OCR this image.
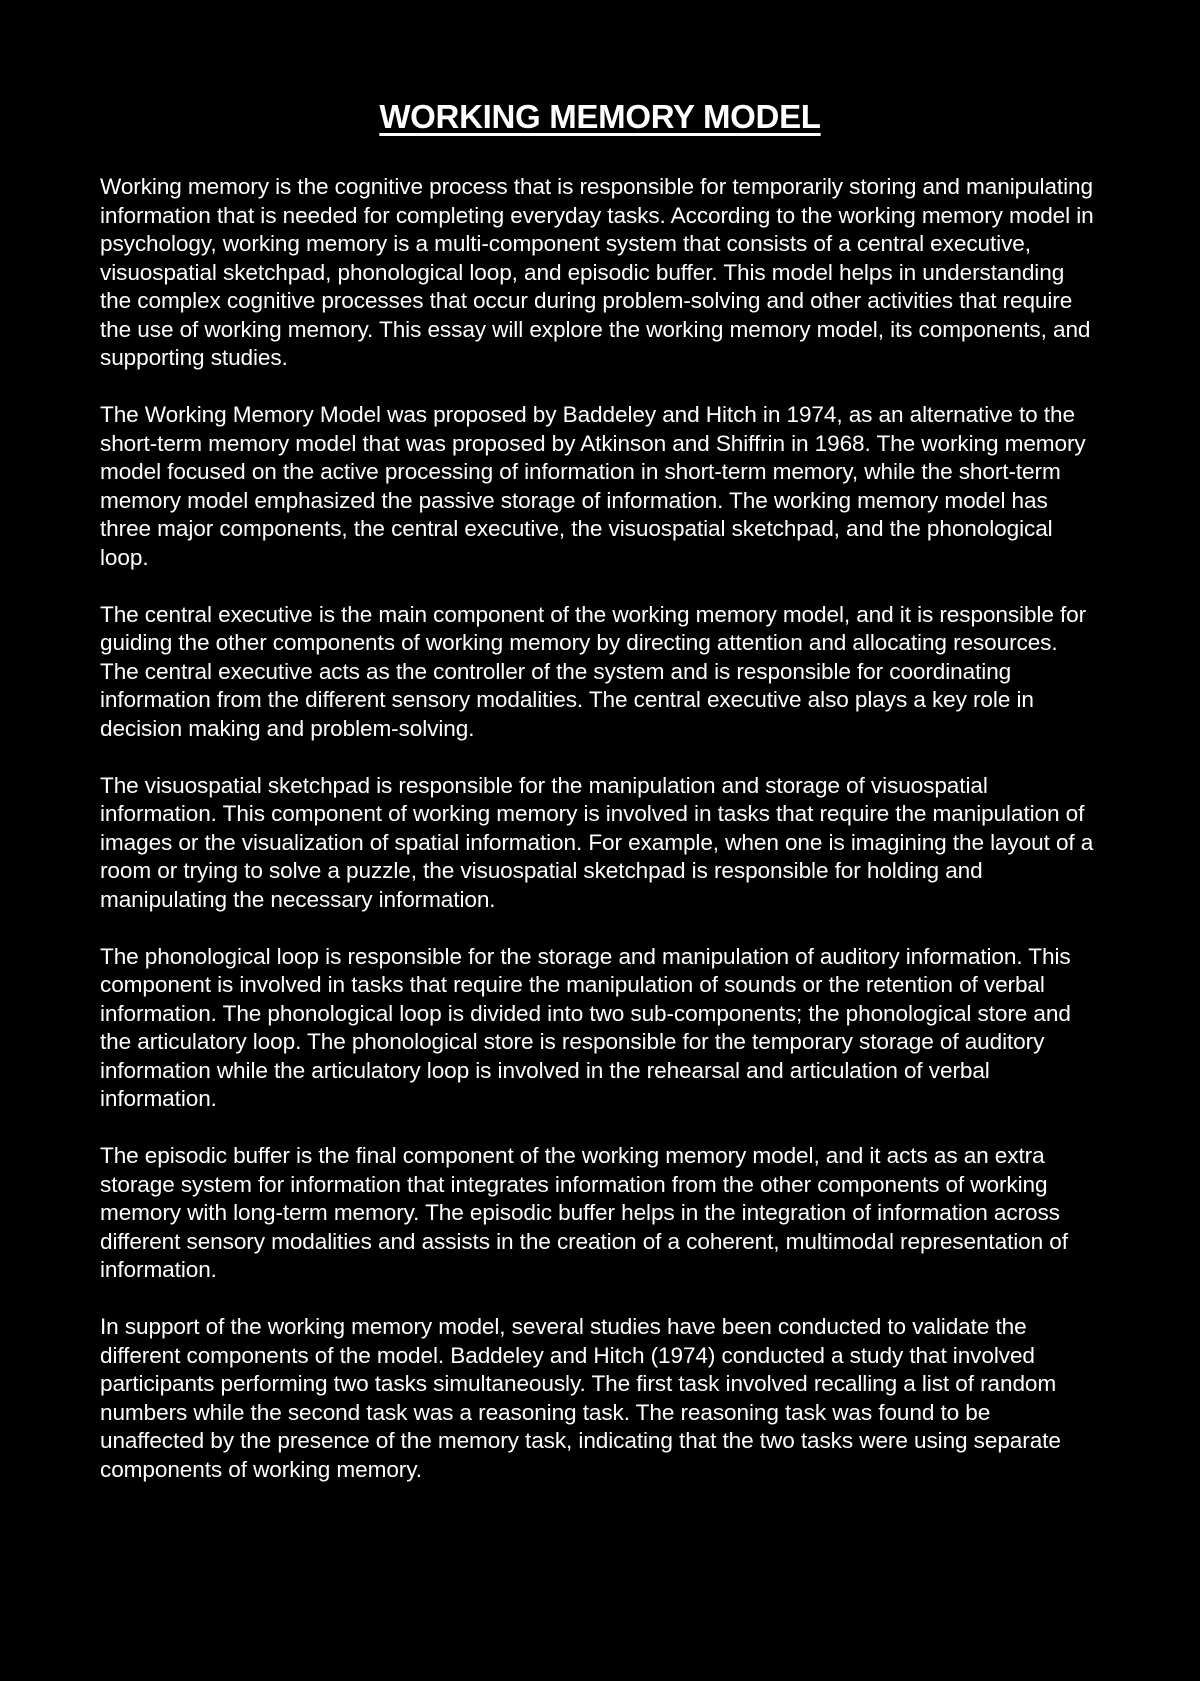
WORKING MEMORY MODEL

Working memory is the cognitive process that is responsible for temporarily storing and manipulating information that is needed for completing everyday tasks. According to the working memory model in psychology, working memory is a multi-component system that consists of a central executive, visuospatial sketchpad, phonological loop, and episodic buffer. This model helps in understanding the complex cognitive processes that occur during problem-solving and other activities that require the use of working memory. This essay will explore the working memory model, its components, and supporting studies.

The Working Memory Model was proposed by Baddeley and Hitch in 1974, as an alternative to the short-term memory model that was proposed by Atkinson and Shiffrin in 1968. The working memory model focused on the active processing of information in short-term memory, while the short-term memory model emphasized the passive storage of information. The working memory model has three major components, the central executive, the visuospatial sketchpad, and the phonological loop.

The central executive is the main component of the working memory model, and it is responsible for guiding the other components of working memory by directing attention and allocating resources. The central executive acts as the controller of the system and is responsible for coordinating information from the different sensory modalities. The central executive also plays a key role in decision making and problem-solving.

The visuospatial sketchpad is responsible for the manipulation and storage of visuospatial information. This component of working memory is involved in tasks that require the manipulation of images or the visualization of spatial information. For example, when one is imagining the layout of a room or trying to solve a puzzle, the visuospatial sketchpad is responsible for holding and manipulating the necessary information.

The phonological loop is responsible for the storage and manipulation of auditory information. This component is involved in tasks that require the manipulation of sounds or the retention of verbal information. The phonological loop is divided into two sub-components; the phonological store and the articulatory loop. The phonological store is responsible for the temporary storage of auditory information while the articulatory loop is involved in the rehearsal and articulation of verbal information.

The episodic buffer is the final component of the working memory model, and it acts as an extra storage system for information that integrates information from the other components of working memory with long-term memory. The episodic buffer helps in the integration of information across different sensory modalities and assists in the creation of a coherent, multimodal representation of information.

In support of the working memory model, several studies have been conducted to validate the different components of the model. Baddeley and Hitch (1974) conducted a study that involved participants performing two tasks simultaneously. The first task involved recalling a list of random numbers while the second task was a reasoning task. The reasoning task was found to be unaffected by the presence of the memory task, indicating that the two tasks were using separate components of working memory.
